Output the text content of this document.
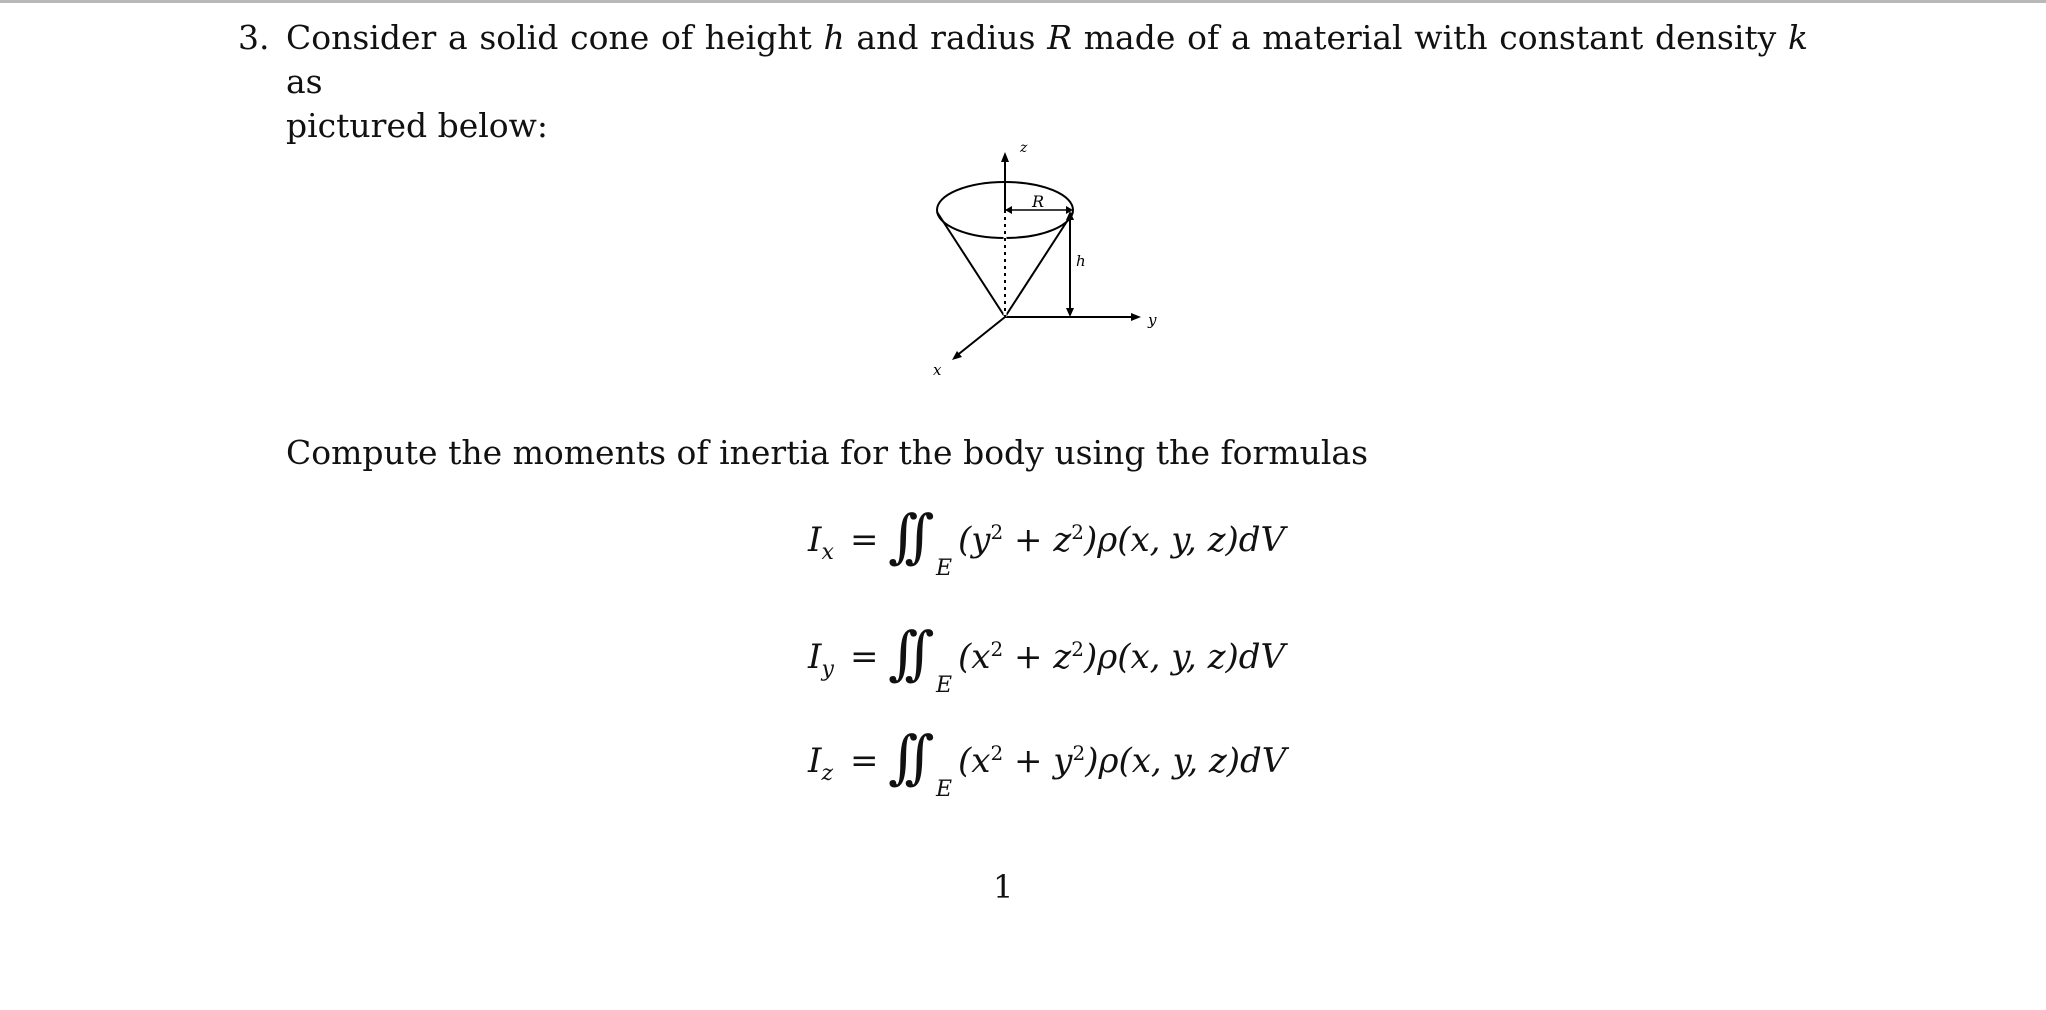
3. Consider a solid cone of height h and radius R made of a material with constant density k as
pictured below:
z
y
x
R
h
Compute the moments of inertia for the body using the formulas
$I_x$ = ∫∫ E
$(y^2 + z^2)\rho(x$, y, z)dV
$I_y$ = ∫∫ E
$(x^2 + z^2)\rho(x$, y, z)dV
$I_z$ = ∫∫ E
$(x^2 + y^2)\rho(x$, y, z)dV
1
